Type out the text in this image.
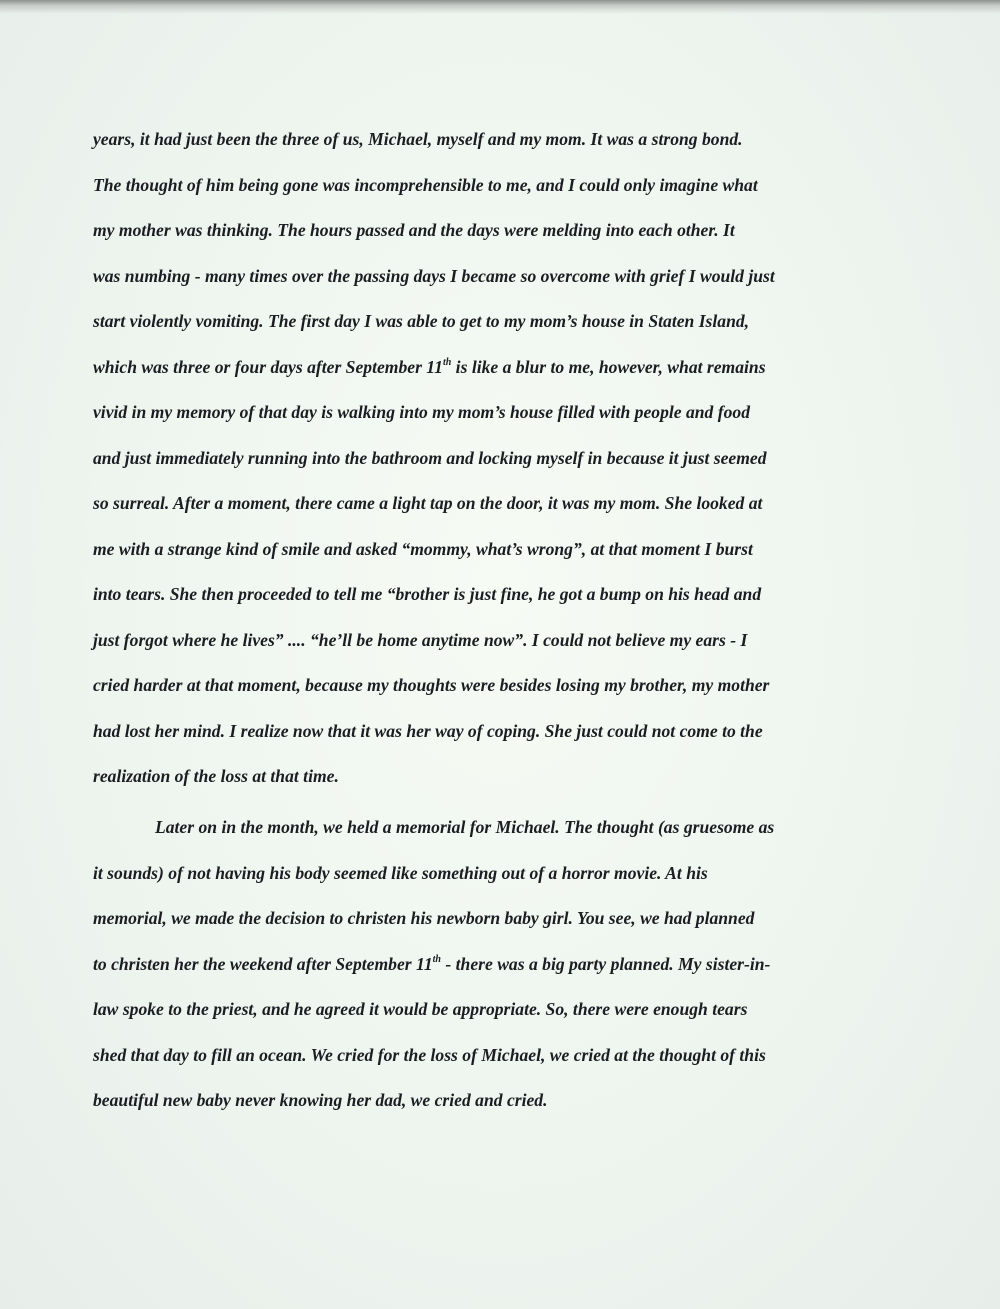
years, it had just been the three of us, Michael, myself and my mom. It was a strong bond.
The thought of him being gone was incomprehensible to me, and I could only imagine what
my mother was thinking. The hours passed and the days were melding into each other. It
was numbing - many times over the passing days I became so overcome with grief I would just
start violently vomiting. The first day I was able to get to my mom’s house in Staten Island,
which was three or four days after September 11th is like a blur to me, however, what remains
vivid in my memory of that day is walking into my mom’s house filled with people and food
and just immediately running into the bathroom and locking myself in because it just seemed
so surreal. After a moment, there came a light tap on the door, it was my mom. She looked at
me with a strange kind of smile and asked “mommy, what’s wrong”, at that moment I burst
into tears. She then proceeded to tell me “brother is just fine, he got a bump on his head and
just forgot where he lives” .... “he’ll be home anytime now”. I could not believe my ears - I
cried harder at that moment, because my thoughts were besides losing my brother, my mother
had lost her mind. I realize now that it was her way of coping. She just could not come to the
realization of the loss at that time.

Later on in the month, we held a memorial for Michael. The thought (as gruesome as
it sounds) of not having his body seemed like something out of a horror movie. At his
memorial, we made the decision to christen his newborn baby girl. You see, we had planned
to christen her the weekend after September 11th - there was a big party planned. My sister-in-
law spoke to the priest, and he agreed it would be appropriate. So, there were enough tears
shed that day to fill an ocean. We cried for the loss of Michael, we cried at the thought of this
beautiful new baby never knowing her dad, we cried and cried.
